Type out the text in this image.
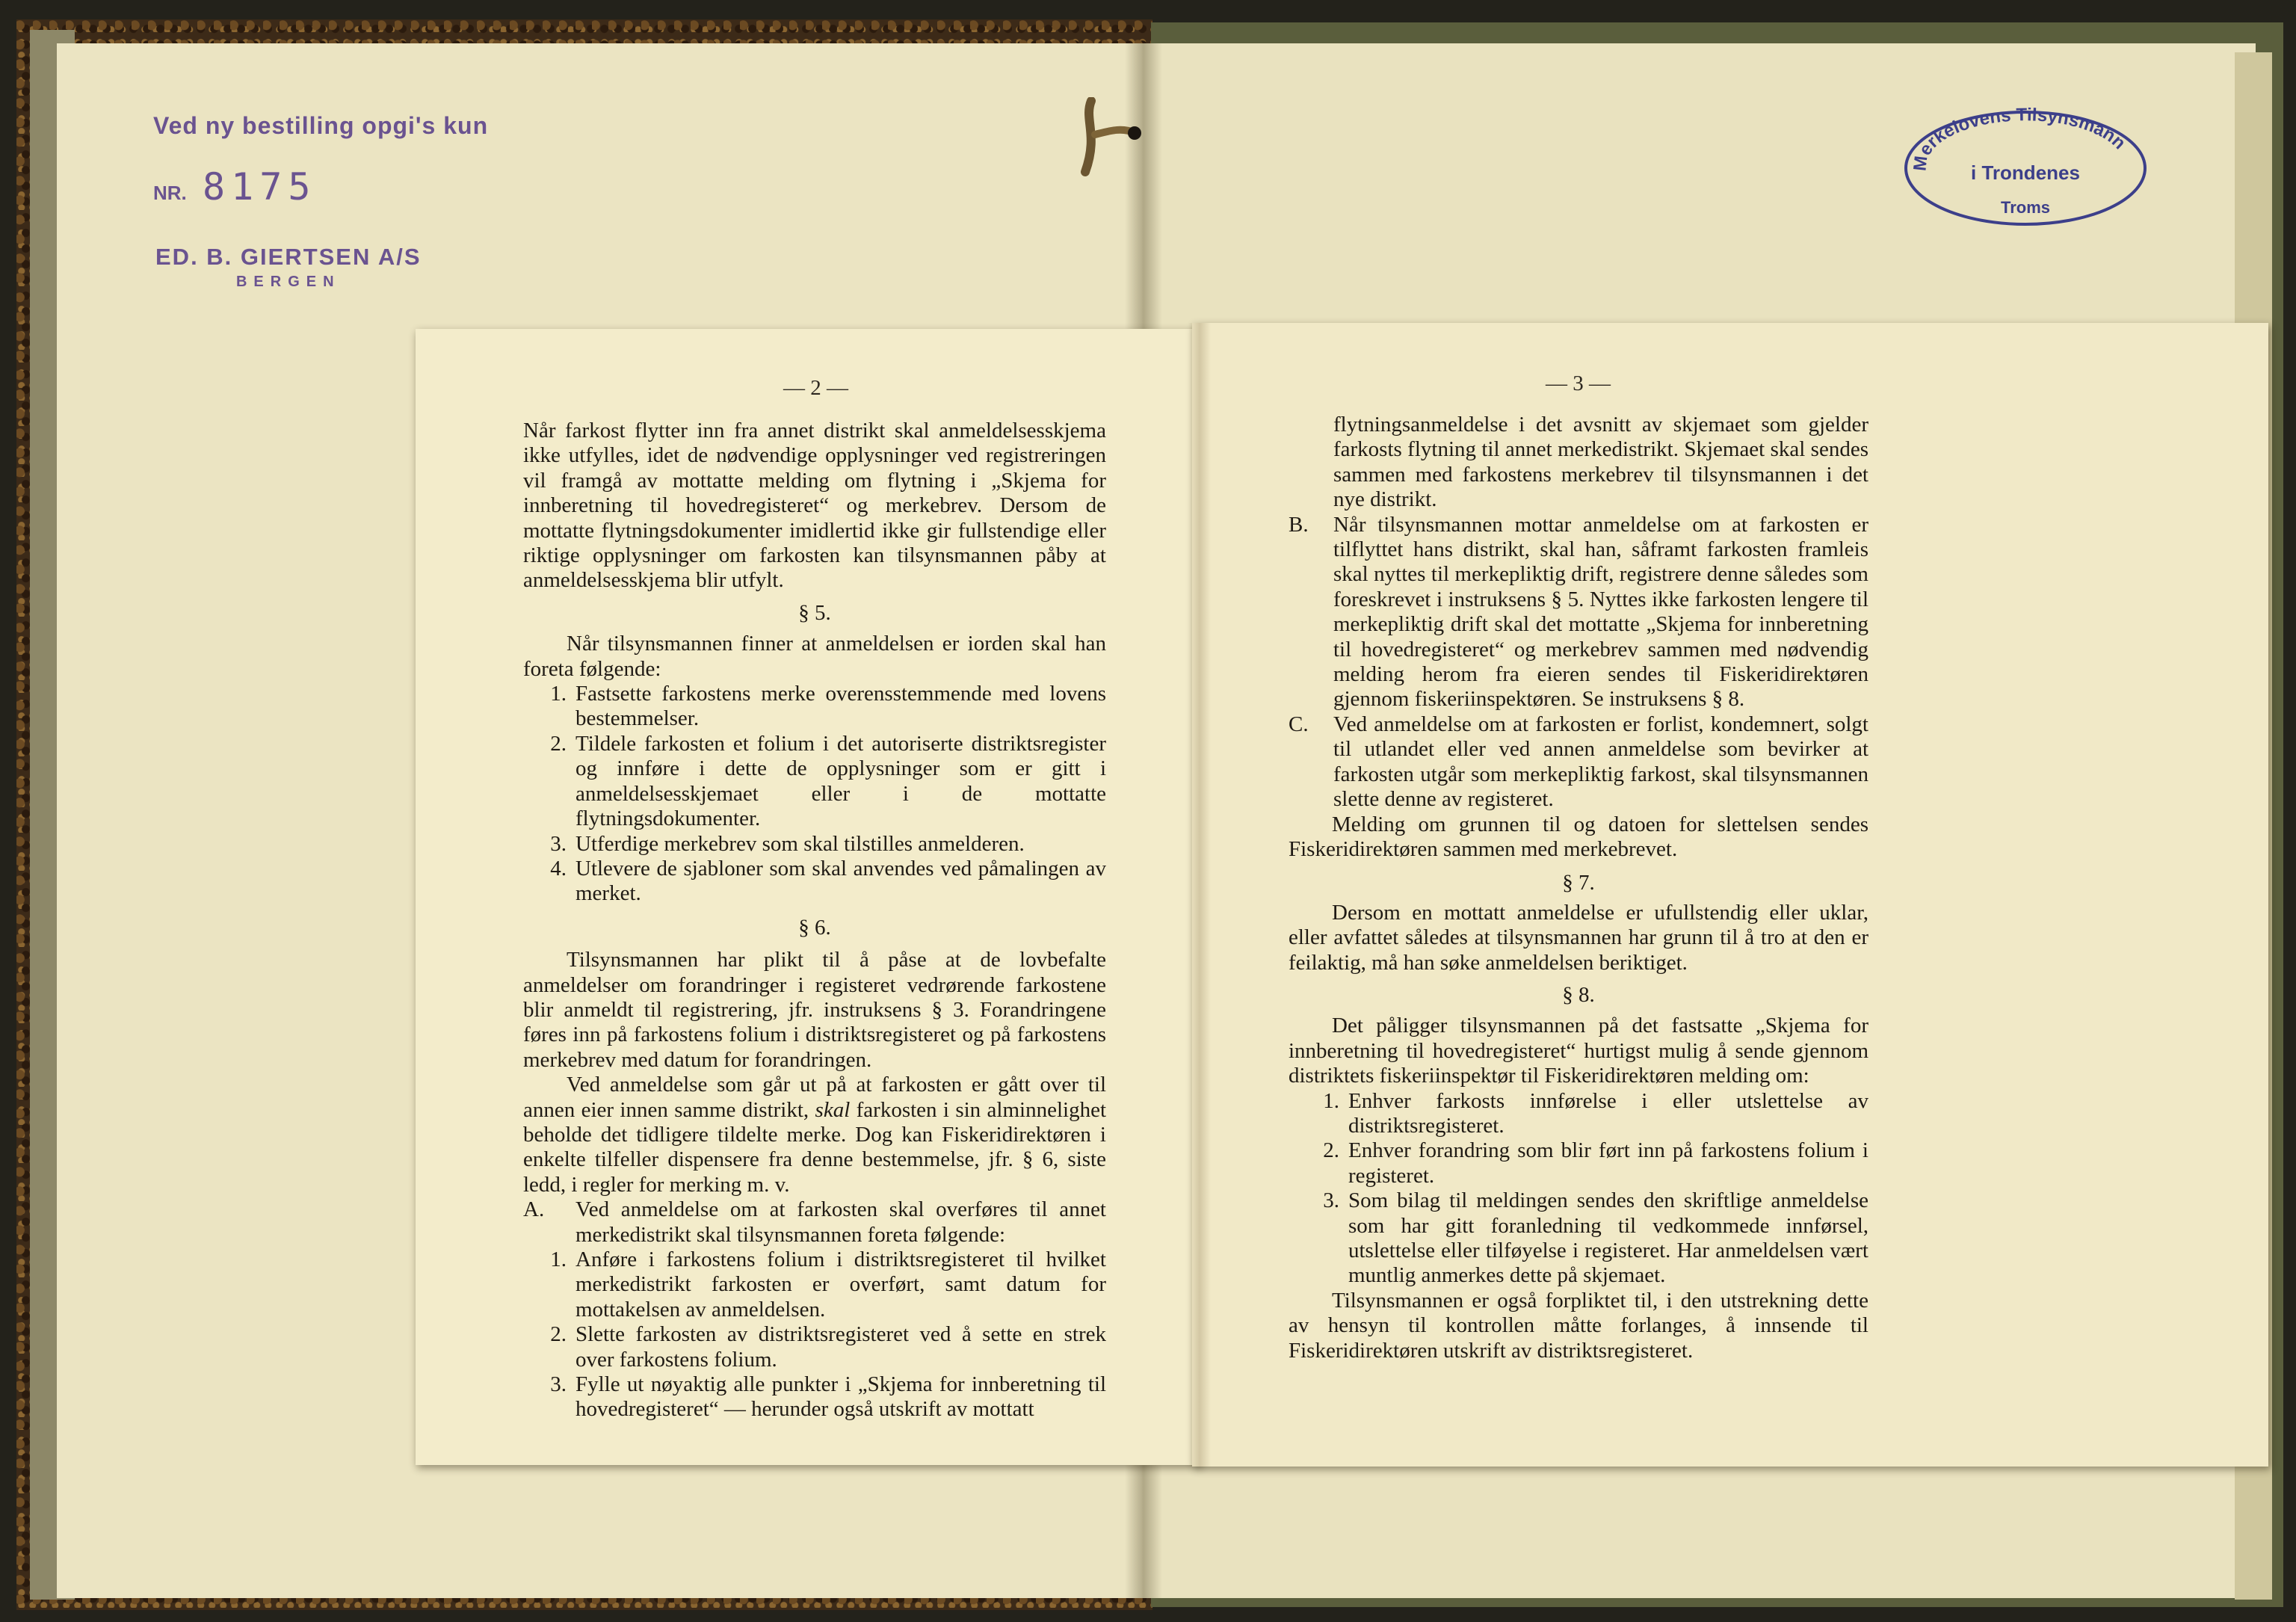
Ved ny bestilling opgi's kun
NR. 8175
ED. B. GIERTSEN A/S
BERGEN
Merkelovens Tilsynsmann
i Trondenes
Troms
— 2 —	— 3 —

Når farkost flytter inn fra annet distrikt skal anmeldelsesskjema ikke utfylles, idet de nødvendige opplysninger ved registreringen vil framgå av mottatte melding om flytning i „Skjema for innberetning til hovedregisteret“ og merkebrev. Dersom de mottatte flytningsdokumenter imidlertid ikke gir fullstendige eller riktige opplysninger om farkosten kan tilsynsmannen påby at anmeldelsesskjema blir utfylt.

§ 5.

Når tilsynsmannen finner at anmeldelsen er iorden skal han foreta følgende:

1. Fastsette farkostens merke overensstemmende med lovens bestemmelser.
2. Tildele farkosten et folium i det autoriserte distriktsregister og innføre i dette de opplysninger som er gitt i anmeldelsesskjemaet eller i de mottatte flytningsdokumenter.
3. Utferdige merkebrev som skal tilstilles anmelderen.
4. Utlevere de sjabloner som skal anvendes ved påmalingen av merket.

§ 6.

Tilsynsmannen har plikt til å påse at de lovbefalte anmeldelser om forandringer i registeret vedrørende farkostene blir anmeldt til registrering, jfr. instruksens § 3. Forandringene føres inn på farkostens folium i distriktsregisteret og på farkostens merkebrev med datum for forandringen.

Ved anmeldelse som går ut på at farkosten er gått over til annen eier innen samme distrikt, skal farkosten i sin alminnelighet beholde det tidligere tildelte merke. Dog kan Fiskeridirektøren i enkelte tilfeller dispensere fra denne bestemmelse, jfr. § 6, siste ledd, i regler for merking m. v.

A.	Ved anmeldelse om at farkosten skal overføres til annet merkedistrikt skal tilsynsmannen foreta følgende:
1. Anføre i farkostens folium i distriktsregisteret til hvilket merkedistrikt farkosten er overført, samt datum for mottakelsen av anmeldelsen.
2. Slette farkosten av distriktsregisteret ved å sette en strek over farkostens folium.
3. Fylle ut nøyaktig alle punkter i „Skjema for innberetning til hovedregisteret“ — herunder også utskrift av mottatt

flytningsanmeldelse i det avsnitt av skjemaet som gjelder farkosts flytning til annet merkedistrikt. Skjemaet skal sendes sammen med farkostens merkebrev til tilsynsmannen i det nye distrikt.

B.	Når tilsynsmannen mottar anmeldelse om at farkosten er tilflyttet hans distrikt, skal han, såframt farkosten framleis skal nyttes til merkepliktig drift, registrere denne således som foreskrevet i instruksens § 5. Nyttes ikke farkosten lengere til merkepliktig drift skal det mottatte „Skjema for innberetning til hovedregisteret“ og merkebrev sammen med nødvendig melding herom fra eieren sendes til Fiskeridirektøren gjennom fiskeriinspektøren. Se instruksens § 8.
C.	Ved anmeldelse om at farkosten er forlist, kondemnert, solgt til utlandet eller ved annen anmeldelse som bevirker at farkosten utgår som merkepliktig farkost, skal tilsynsmannen slette denne av registeret.

Melding om grunnen til og datoen for slettelsen sendes Fiskeridirektøren sammen med merkebrevet.

§ 7.

Dersom en mottatt anmeldelse er ufullstendig eller uklar, eller avfattet således at tilsynsmannen har grunn til å tro at den er feilaktig, må han søke anmeldelsen beriktiget.

§ 8.

Det påligger tilsynsmannen på det fastsatte „Skjema for innberetning til hovedregisteret“ hurtigst mulig å sende gjennom distriktets fiskeriinspektør til Fiskeridirektøren melding om:

1. Enhver farkosts innførelse i eller utslettelse av distriktsregisteret.
2. Enhver forandring som blir ført inn på farkostens folium i registeret.
3. Som bilag til meldingen sendes den skriftlige anmeldelse som har gitt foranledning til vedkommede innførsel, utslettelse eller tilføyelse i registeret. Har anmeldelsen vært muntlig anmerkes dette på skjemaet.

Tilsynsmannen er også forpliktet til, i den utstrekning dette av hensyn til kontrollen måtte forlanges, å innsende til Fiskeridirektøren utskrift av distriktsregisteret.
